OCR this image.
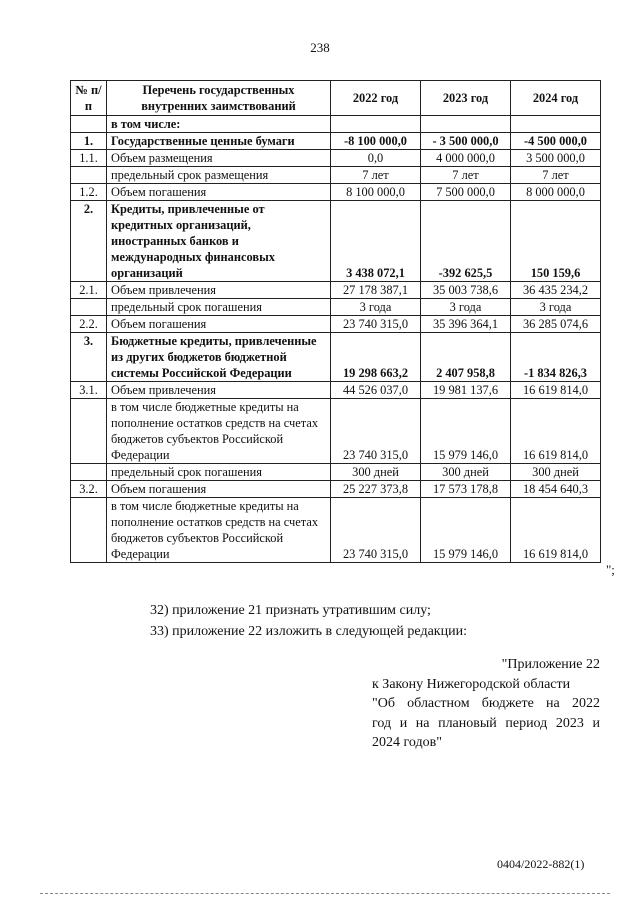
238
№ п/п	Перечень государственных внутренних заимствований	2022 год	2023 год	2024 год
	в том числе:			
1.	Государственные ценные бумаги	-8 100 000,0	- 3 500 000,0	-4 500 000,0
1.1.	Объем размещения	0,0	4 000 000,0	3 500 000,0
	предельный срок размещения	7 лет	7 лет	7 лет
1.2.	Объем погашения	8 100 000,0	7 500 000,0	8 000 000,0
2.	Кредиты, привлеченные от кредитных организаций, иностранных банков и международных финансовых организаций	3 438 072,1	-392 625,5	150 159,6
2.1.	Объем привлечения	27 178 387,1	35 003 738,6	36 435 234,2
	предельный срок погашения	3 года	3 года	3 года
2.2.	Объем погашения	23 740 315,0	35 396 364,1	36 285 074,6
3.	Бюджетные кредиты, привлеченные из других бюджетов бюджетной системы Российской Федерации	19 298 663,2	2 407 958,8	-1 834 826,3
3.1.	Объем привлечения	44 526 037,0	19 981 137,6	16 619 814,0
	в том числе бюджетные кредиты на пополнение остатков средств на счетах бюджетов субъектов Российской Федерации	23 740 315,0	15 979 146,0	16 619 814,0
	предельный срок погашения	300 дней	300 дней	300 дней
3.2.	Объем погашения	25 227 373,8	17 573 178,8	18 454 640,3
	в том числе бюджетные кредиты на пополнение остатков средств на счетах бюджетов субъектов Российской Федерации	23 740 315,0	15 979 146,0	16 619 814,0
";
32) приложение 21 признать утратившим силу;
33) приложение 22 изложить в следующей редакции:
"Приложение 22
к Закону Нижегородской области
"Об областном бюджете на 2022
год и на плановый период 2023 и
2024 годов"
0404/2022-882(1)
